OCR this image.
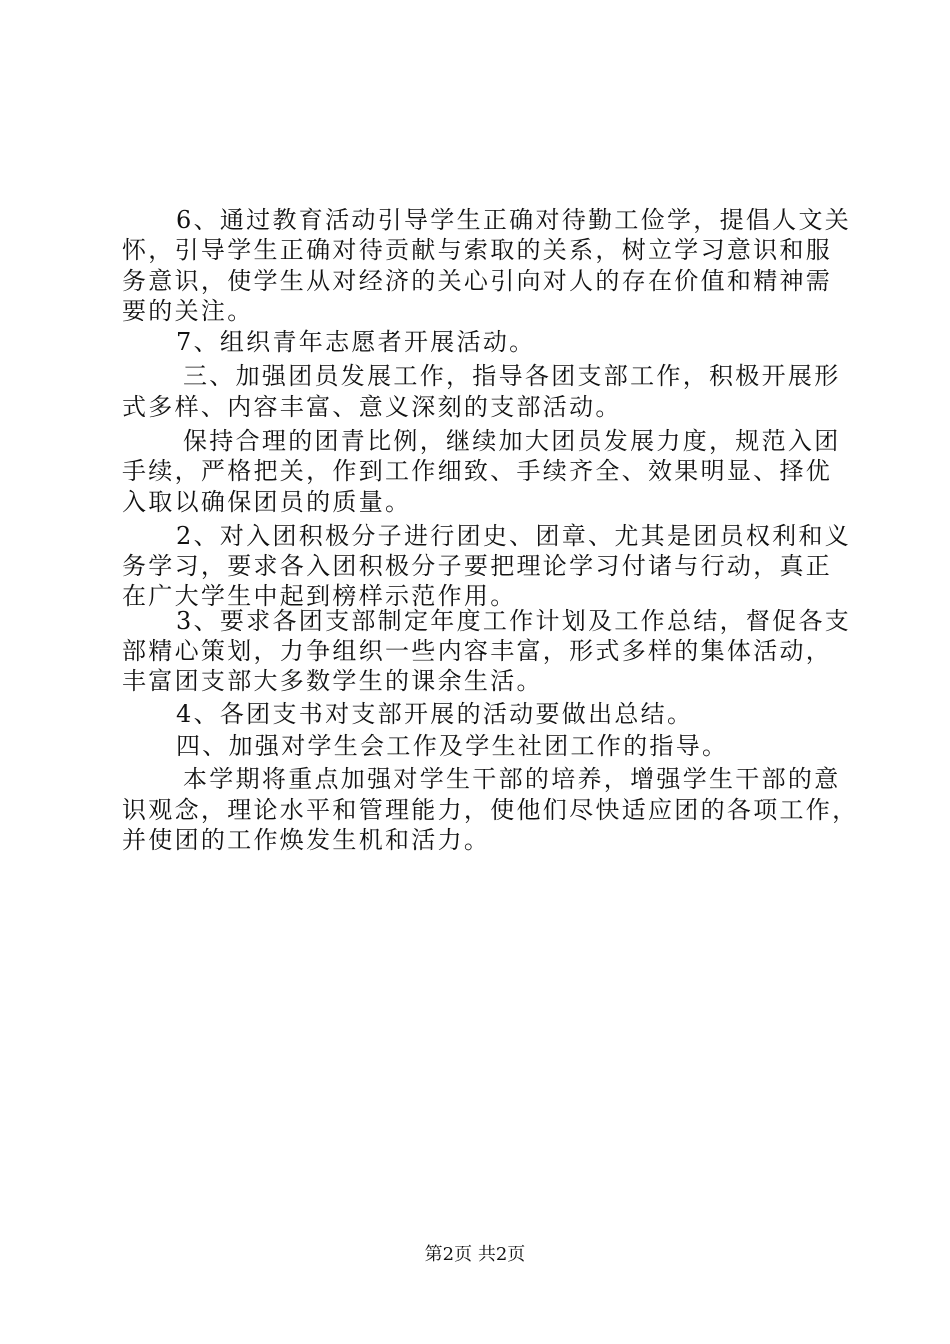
6、通过教育活动引导学生正确对待勤工俭学，提倡人文关
怀，引导学生正确对待贡献与索取的关系，树立学习意识和服
务意识，使学生从对经济的关心引向对人的存在价值和精神需
要的关注。
7、组织青年志愿者开展活动。
三、加强团员发展工作，指导各团支部工作，积极开展形
式多样、内容丰富、意义深刻的支部活动。
保持合理的团青比例，继续加大团员发展力度，规范入团
手续，严格把关，作到工作细致、手续齐全、效果明显、择优
入取以确保团员的质量。
2、对入团积极分子进行团史、团章、尤其是团员权利和义
务学习，要求各入团积极分子要把理论学习付诸与行动，真正
在广大学生中起到榜样示范作用。
3、要求各团支部制定年度工作计划及工作总结，督促各支
部精心策划，力争组织一些内容丰富，形式多样的集体活动，
丰富团支部大多数学生的课余生活。
4、各团支书对支部开展的活动要做出总结。
四、加强对学生会工作及学生社团工作的指导。
本学期将重点加强对学生干部的培养，增强学生干部的意
识观念，理论水平和管理能力，使他们尽快适应团的各项工作，
并使团的工作焕发生机和活力。
第2页 共2页
